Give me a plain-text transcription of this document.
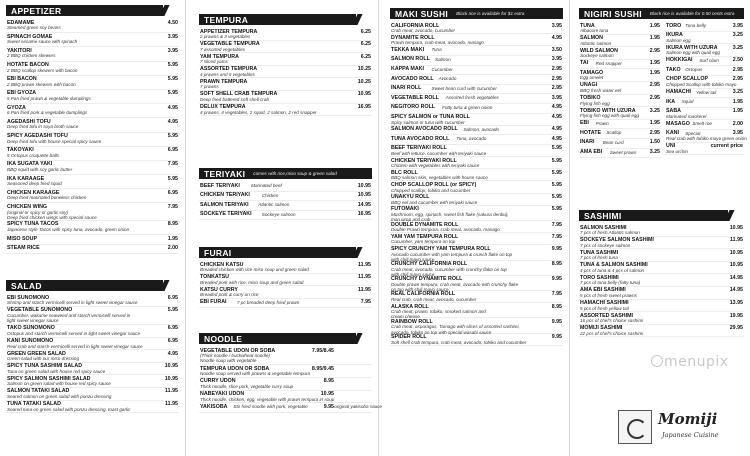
APPETIZER
EDAMAME
Steamed green soy beans
4.50
SPINACH GOMAE
Sweet sesame sauce with spinach
3.95
YAKITORI
2 BBQ chicken skewers
3.95
HOTATE BACON
2 BBQ scallop skewers with bacon
5.95
EBI BACON
2 BBQ prawn skewers with bacon
5.95
EBI GYOZA
5 Pan fried prawn & vegetable dumplings
5.95
GYOZA
6 Pan fried pork & vegetable dumplings
4.95
AGEDASHI TOFU
Deep fried tofu in soya broth sauce
4.95
SPICY AGEDASHI TOFU
Deep fried tofu with house special spicy sauce
5.95
TAKOYAKI
5 Octopus croquette balls
6.95
IKA SUGATA YAKI
BBQ squid with soy garlic butter
7.95
IKA KARAAGE
Seasoned deep fried squid
5.95
CHICKEN KARAAGE
Deep fried marinated boneless chicken
6.95
CHICKEN WING
(original or spicy or garlic soy)
Deep fried chicken wings with special sauce
7.95
SPICY TUNA TACOS
Japanese style Tacos with spicy tuna, avocado, green onion
8.95
MISO SOUP	1.95
STEAM RICE	2.00
SALAD
EBI SUNOMONO
Shrimp and starch vermicelli served in light sweet vinegar sauce
6.95
VEGETABLE SUNOMONO
Cucumber, wakame seaweed and starch vermicelli served in
light sweet vinegar sauce
5.95
TAKO SUNOMONO
Octopus and starch vermicelli served in light sweet vinegar sauce
6.95
KANI SUNOMONO
Real crab and starch vermicelli served in light sweet vinegar sauce
6.95
GREEN GREEN SALAD
Green salad with our miso dressing
4.95
SPICY TUNA SASHIMI SALAD
Tuna on green salad with house red spicy sauce
10.95
SPICY SALMON SASHIMI SALAD
Salmon on green salad with house red spicy sauce
10.95
SALMON TATAKI SALAD
Seared salmon on green salad with ponzu dressing
11.95
TUNA TATAKI SALAD
Seared tuna on green salad with ponzu dressing, toast garlic
11.95
TEMPURA
APPETIZER TEMPURA
2 prawns & 3 vegetables
6.25
VEGETABLE TEMPURA
7 assorted vegetables
6.25
YAM TEMPURA
7 sliced yams
6.25
ASSORTED TEMPURA
4 prawns and 5 vegetables
10.25
PRAWN TEMPURA
7 prawns
10.25
SOFT SHELL CRAB TEMPURA
Deep fried battered soft shell crab
10.95
DELUX TEMPURA
4 prawns, 4 vegetables, 2 squid, 2 salmon, 2 red snapper
16.95
TERIYAKI comes with rice,miso soup & green salad
BEEF TERIYAKI Marinated beef	10.95
CHICKEN TERIYAKI	Chicken	10.95
SALMON TERIYAKI Atlantic salmon	14.95
SOCKEYE TERIYAKI Sockeye salmon	16.95
FURAI
CHICKEN KATSU
Breaded chicken with rice miso soup and green salad
11.95
TONKATSU
Breaded pork with rice, miso soup and green salad
11.95
KATSU CURRY
Breaded pork & curry on rice
11.95
EBI FURAI 7 pc breaded deep fried prawn	7.95
NOODLE
VEGETABLE UDON OR SOBA
(Thick noodle / buckwheat noodle)
Noodle soup with vegetable
7.95/8.45
TEMPURA UDON OR SOBA
Noodle soup served with prawns & vegetable tempura
8.95/9.45
CURRY UDON
Thick noodle, slice pork, vegetable curry soup
8.95
NABEYAKI UDON
Thick noodle, chicken, egg, vegetable with prawn tempura in soup
10.95
YAKISOBA Stir fried noodle with pork, vegetable	original yakisoba sauce
9.95
MAKI SUSHI Black rice is available for $1 extra
CALIFORNIA ROLL
Crab meat, avocado, cucumber
3.95
DYNAMITE ROLL
Prawn tempura, crab meat, avocado, masago
4.95
TEKKA MAKI Tuna	3.50
SALMON ROLL Salmon	3.95
KAPPA MAKI Cucumber	2.95
AVOCADO ROLL Avocado	2.95
INARI ROLL Sweet bean curd with cucumber	2.95
VEGETABLE ROLL Assorted fresh vegetables	3.95
NEGITORO ROLL Fatty tuna & green onion	4.95
SPICY SALMON or TUNA ROLL
Spicy salmon or tuna with cucumber
4.95
SALMON AVOCADO ROLL Salmon, avocado	4.95
TUNA AVOCADO ROLL Tuna, avocado	4.95
BEEF TERIYAKI ROLL
Beef with lettuce, cucumber with teriyaki sauce
5.95
CHICKEN TERIYAKI ROLL
Chicken with vegetables with teriyaki sauce
5.95
BLC ROLL
BBQ salmon skin, vegetables with house sauce
5.95
CHOP SCALLOP ROLL (or SPICY)
Chopped scallop, tobiko and cucumber
5.95
UNAKYU ROLL
BBQ eel and cucumber with teriyaki sauce
5.95
FUTOMAKI
Mushroom, egg, spinach, sweet fish flake (sakura denbu),
man wrap and crab
5.95
DOUBLE DYNAMITE ROLL
Double Prawn tempura, crab meat, avocado, masago
7.95
YAM YAM TEMPURA ROLL
Cucumber, yam tempura on top
7.95
SPICY CRUNCHY YAM TEMPURA ROLL
Avocado cucumber with yam tempura & crunch flake on top
with chili mayo sauce
9.95
CRUNCHY CALIFORNIA ROLL
Crab meat, avocado, cucumber with crunchy flake on top
with chili mayo sauce
8.95
CRUNCHY DYNAMITE ROLL
Double prawn tempura, crab meat, avocado with crunchy flake
on top with chili mayo sauce
9.95
REAL CALIFORNIA ROLL
Real crab, crab meat, avocado, cucumber
7.95
ALASKA ROLL
Crab meat, prawn, tobiko, smoked salmon and
cream cheese
8.95
RAINBOW ROLL
Crab meat, asparagus, Tamago with slices of assorted sashimi,
avocado, tobiko on top with special wasabi sauce
9.95
SPIDER ROLL
Soft shell crab tempura, crab meat, avocado, tobiko and cucumber
9.95
NIGIRI SUSHI Black rice is available for 0.50 cents extra
TUNA
Albacore tuna
1.95
SALMON
Atlantic salmon
1.95
WILD SALMON
Sockeye salmon
2.95
TAI Red snapper	1.95
TAMAGO
Egg omelet
1.95
UNAGI
BBQ fresh water eel
2.95
TOBIKO
Flying fish egg
2.95
TOBIKO WITH UZURA
Flying fish egg with quail egg
3.25
EBI Prawn	1.95
HOTATE Scallop	2.95
INARI Bean curd	1.50
AMA EBI Sweet prawn	3.25
TORO Tuna belly	3.95
IKURA
Salmon egg
3.25
IKURA WITH UZURA
Salmon egg with quail egg
3.25
HOKKIGAI Surf clam	2.50
TAKO Octopus	2.95
CHOP SCALLOP
Chopped Scallop with tobiko mayo
2.95
HAMACHI Yellow tail	3.25
IKA Squid	1.95
SABA
Marinated mackerel
1.95
MASAGO Smelt roe	2.00
KANI Special
Real crab with tobiko mayo green onion
3.95
UNI
Sea urchin
current price
SASHIMI
SALMON SASHIMI
7 pcs of fresh Atlantic salmon
10.95
SOCKEYE SALMON SASHIMI
7 pcs of sockeye salmon
11.95
TUNA SASHIMI
7 pcs of fresh tuna
10.95
TUNA & SALMON SASHIMI
4 pcs of tuna & 4 pcs of salmon
10.95
TORO SASHIMI
7 pcs of tuna belly (fatty tuna)
14.95
AMA EBI SASHIMI
5 pcs of fresh sweet prawns
14.95
HAMACHI SASHIMI
5 pcs of fresh yellow tail
13.95
ASSORTED SASHIMI
16 pcs of chef's choice sashimi
19.95
MOMIJI SASHIMI
22 pcs of chef's choice sashimi
29.95
menupix
Momiji
Japanese Cuisine
